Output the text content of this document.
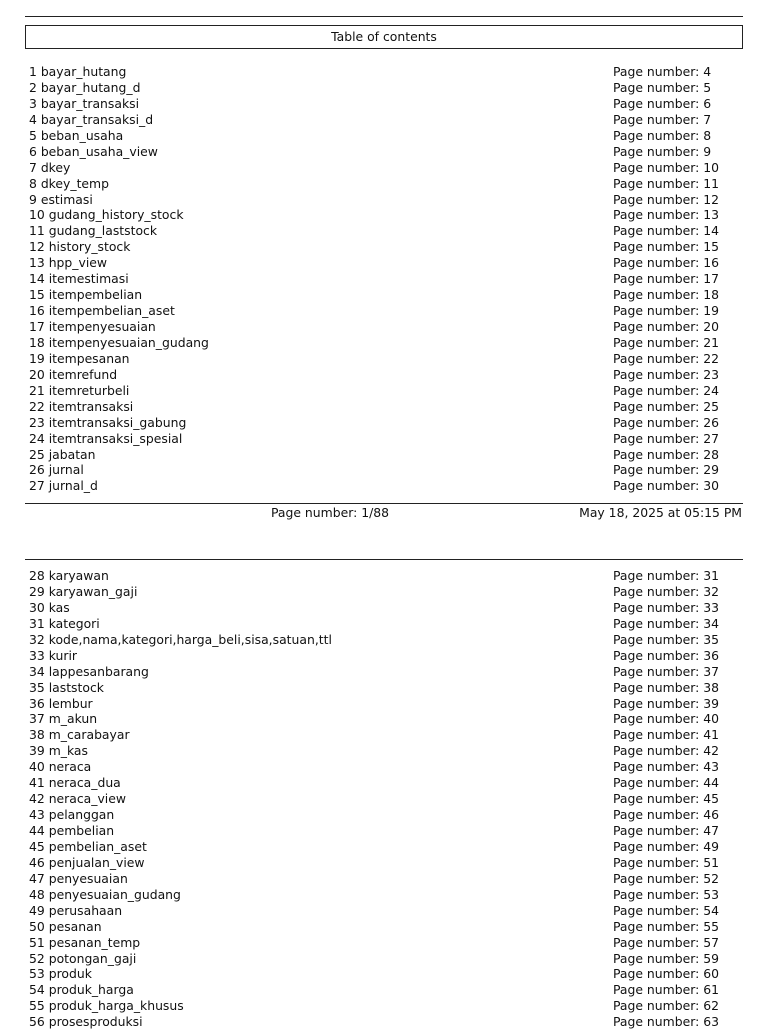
Table of contents
1 bayar_hutang	Page number: 4
2 bayar_hutang_d	Page number: 5
3 bayar_transaksi	Page number: 6
4 bayar_transaksi_d	Page number: 7
5 beban_usaha	Page number: 8
6 beban_usaha_view	Page number: 9
7 dkey	Page number: 10
8 dkey_temp	Page number: 11
9 estimasi	Page number: 12
10 gudang_history_stock	Page number: 13
11 gudang_laststock	Page number: 14
12 history_stock	Page number: 15
13 hpp_view	Page number: 16
14 itemestimasi	Page number: 17
15 itempembelian	Page number: 18
16 itempembelian_aset	Page number: 19
17 itempenyesuaian	Page number: 20
18 itempenyesuaian_gudang	Page number: 21
19 itempesanan	Page number: 22
20 itemrefund	Page number: 23
21 itemreturbeli	Page number: 24
22 itemtransaksi	Page number: 25
23 itemtransaksi_gabung	Page number: 26
24 itemtransaksi_spesial	Page number: 27
25 jabatan	Page number: 28
26 jurnal	Page number: 29
27 jurnal_d	Page number: 30
Page number: 1/88	May 18, 2025 at 05:15 PM
28 karyawan	Page number: 31
29 karyawan_gaji	Page number: 32
30 kas	Page number: 33
31 kategori	Page number: 34
32 kode,nama,kategori,harga_beli,sisa,satuan,ttl	Page number: 35
33 kurir	Page number: 36
34 lappesanbarang	Page number: 37
35 laststock	Page number: 38
36 lembur	Page number: 39
37 m_akun	Page number: 40
38 m_carabayar	Page number: 41
39 m_kas	Page number: 42
40 neraca	Page number: 43
41 neraca_dua	Page number: 44
42 neraca_view	Page number: 45
43 pelanggan	Page number: 46
44 pembelian	Page number: 47
45 pembelian_aset	Page number: 49
46 penjualan_view	Page number: 51
47 penyesuaian	Page number: 52
48 penyesuaian_gudang	Page number: 53
49 perusahaan	Page number: 54
50 pesanan	Page number: 55
51 pesanan_temp	Page number: 57
52 potongan_gaji	Page number: 59
53 produk	Page number: 60
54 produk_harga	Page number: 61
55 produk_harga_khusus	Page number: 62
56 prosesproduksi	Page number: 63
